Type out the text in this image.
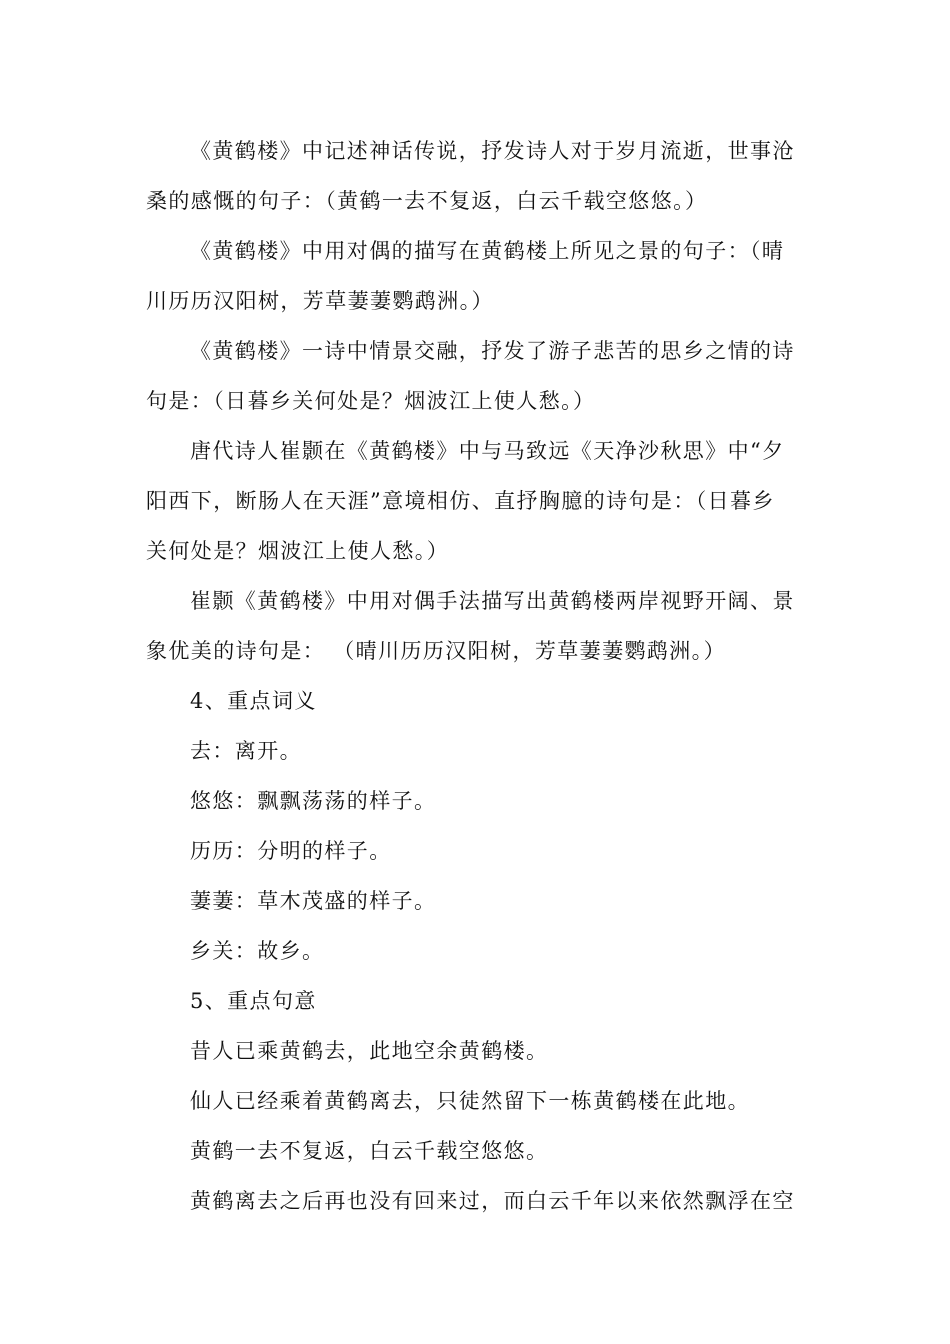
《黄鹤楼》中记述神话传说，抒发诗人对于岁月流逝，世事沧
桑的感慨的句子：（黄鹤一去不复返，白云千载空悠悠。）
《黄鹤楼》中用对偶的描写在黄鹤楼上所见之景的句子：（晴
川历历汉阳树，芳草萋萋鹦鹉洲。）
《黄鹤楼》一诗中情景交融，抒发了游子悲苦的思乡之情的诗
句是：（日暮乡关何处是？烟波江上使人愁。）
唐代诗人崔颢在《黄鹤楼》中与马致远《天净沙秋思》中“夕
阳西下，断肠人在天涯”意境相仿、直抒胸臆的诗句是：（日暮乡
关何处是？烟波江上使人愁。）
崔颢《黄鹤楼》中用对偶手法描写出黄鹤楼两岸视野开阔、景
象优美的诗句是： （晴川历历汉阳树，芳草萋萋鹦鹉洲。）
4、重点词义
去：离开。
悠悠：飘飘荡荡的样子。
历历：分明的样子。
萋萋：草木茂盛的样子。
乡关：故乡。
5、重点句意
昔人已乘黄鹤去，此地空余黄鹤楼。
仙人已经乘着黄鹤离去，只徒然留下一栋黄鹤楼在此地。
黄鹤一去不复返，白云千载空悠悠。
黄鹤离去之后再也没有回来过，而白云千年以来依然飘浮在空
